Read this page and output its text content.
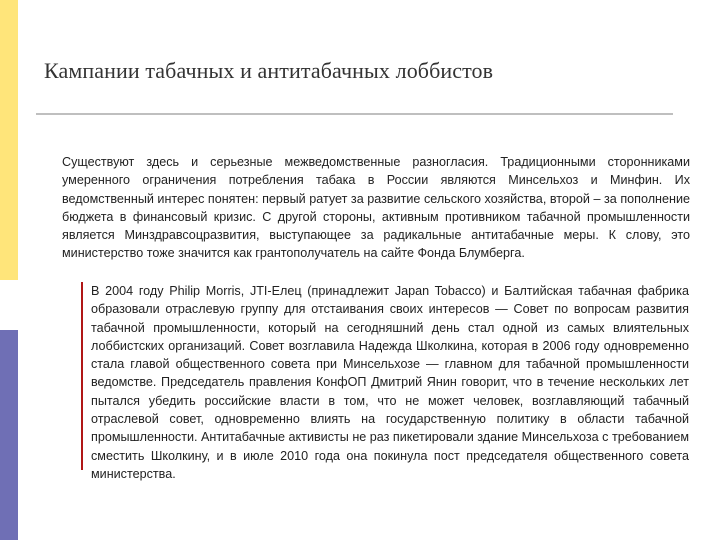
Кампании табачных и антитабачных лоббистов
Существуют здесь и серьезные межведомственные разногласия. Традиционными сторонниками умеренного ограничения потребления табака в России являются Минсельхоз и Минфин. Их ведомственный интерес понятен: первый ратует за развитие сельского хозяйства, второй – за пополнение бюджета в финансовый кризис. С другой стороны, активным противником табачной промышленности является Минздравсоцразвития, выступающее за радикальные антитабачные меры. К слову, это министерство тоже значится как грантополучатель на сайте Фонда Блумберга.
В 2004 году Philip Morris, JTI-Елец (принадлежит Japan Tobacco) и Балтийская табачная фабрика образовали отраслевую группу для отстаивания своих интересов — Совет по вопросам развития табачной промышленности, который на сегодняшний день стал одной из самых влиятельных лоббистских организаций. Совет возглавила Надежда Школкина, которая в 2006 году одновременно стала главой общественного совета при Минсельхозе — главном для табачной промышленности ведомстве. Председатель правления КонфОП Дмитрий Янин говорит, что в течение нескольких лет пытался убедить российские власти в том, что не может человек, возглавляющий табачный отраслевой совет, одновременно влиять на государственную политику в области табачной промышленности. Антитабачные активисты не раз пикетировали здание Минсельхоза с требованием сместить Школкину, и в июле 2010 года она покинула пост председателя общественного совета министерства.
